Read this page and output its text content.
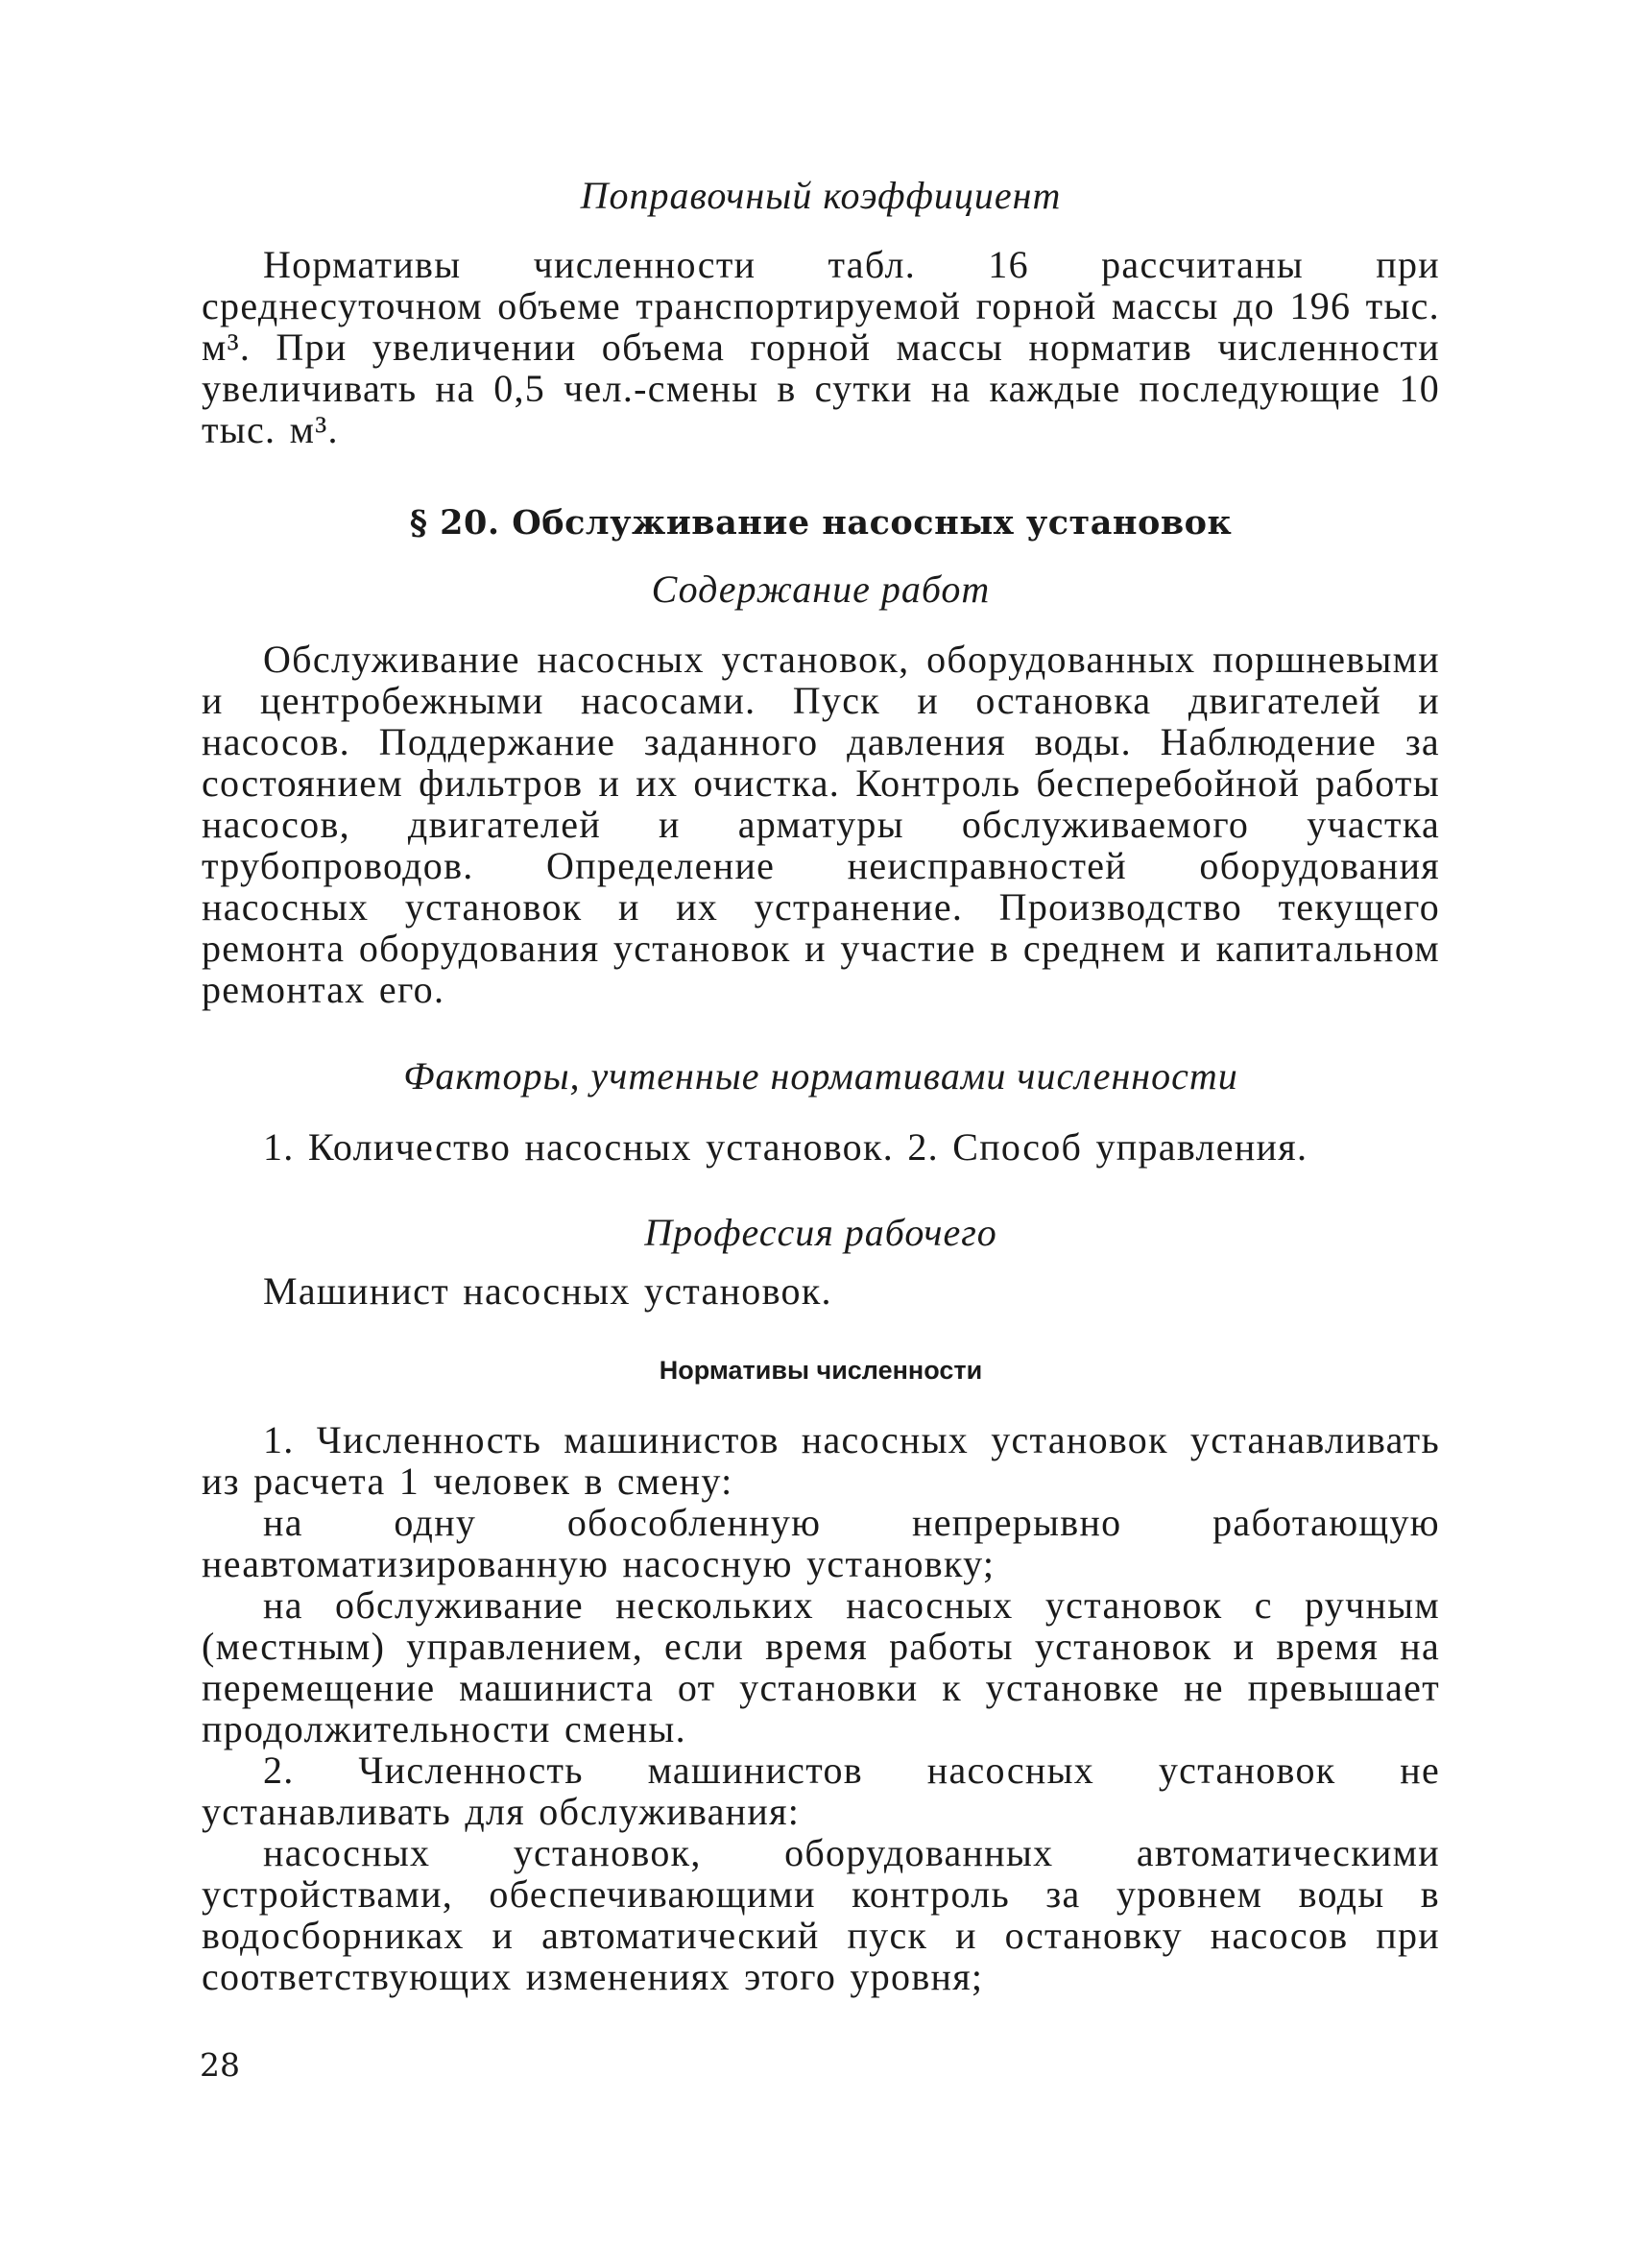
Поправочный коэффициент

Нормативы численности табл. 16 рассчитаны при среднесуточном объеме транспортируемой горной массы до 196 тыс. м³. При увеличении объема горной массы норматив численности увеличивать на 0,5 чел.-смены в сутки на каждые последующие 10 тыс. м³.

§ 20. Обслуживание насосных установок

Содержание работ

Обслуживание насосных установок, оборудованных поршневыми и центробежными насосами. Пуск и остановка двигателей и насосов. Поддержание заданного давления воды. Наблюдение за состоянием фильтров и их очистка. Контроль бесперебойной работы насосов, двигателей и арматуры обслуживаемого участка трубопроводов. Определение неисправностей оборудования насосных установок и их устранение. Производство текущего ремонта оборудования установок и участие в среднем и капитальном ремонтах его.

Факторы, учтенные нормативами численности

1. Количество насосных установок. 2. Способ управления.

Профессия рабочего

Машинист насосных установок.

Нормативы численности

1. Численность машинистов насосных установок устанавливать из расчета 1 человек в смену:

на одну обособленную непрерывно работающую неавтоматизированную насосную установку;

на обслуживание нескольких насосных установок с ручным (местным) управлением, если время работы установок и время на перемещение машиниста от установки к установке не превышает продолжительности смены.

2. Численность машинистов насосных установок не устанавливать для обслуживания:

насосных установок, оборудованных автоматическими устройствами, обеспечивающими контроль за уровнем воды в водосборниках и автоматический пуск и остановку насосов при соответствующих изменениях этого уровня;

28
